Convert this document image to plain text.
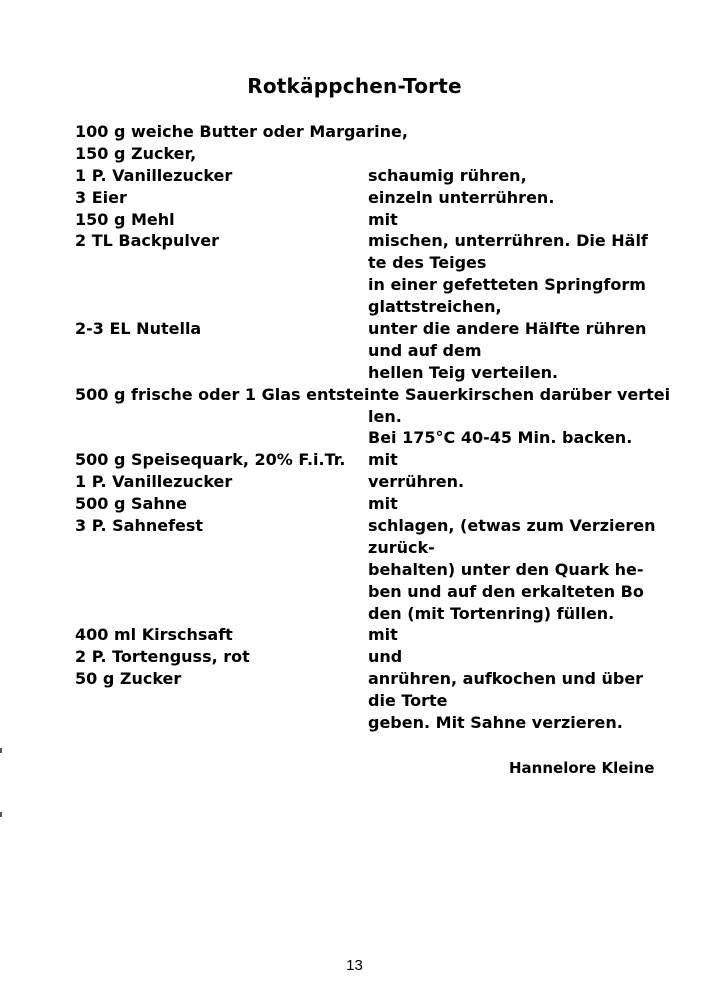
Rotkäppchen-Torte
100 g weiche Butter oder Margarine,
150 g Zucker,
1 P. Vanillezucker	schaumig rühren,
3 Eier	einzeln unterrühren.
150 g Mehl	mit
2 TL Backpulver	mischen, unterrühren. Die Hälf
te des Teiges
in einer gefetteten Springform
glattstreichen,
2-3 EL Nutella	unter die andere Hälfte rühren
und auf dem
hellen Teig verteilen.
500 g frische oder 1 Glas entsteinte Sauerkirschen darüber vertei
len.
Bei 175°C 40-45 Min. backen.
500 g Speisequark, 20% F.i.Tr. mit
1 P. Vanillezucker	verrühren.
500 g Sahne	mit
3 P. Sahnefest	schlagen, (etwas zum Verzieren
zurück-
behalten) unter den Quark he-
ben und auf den erkalteten Bo
den (mit Tortenring) füllen.
400 ml Kirschsaft	mit
2 P. Tortenguss, rot	und
50 g Zucker	anrühren, aufkochen und über
die Torte
geben. Mit Sahne verzieren.
Hannelore Kleine
13
